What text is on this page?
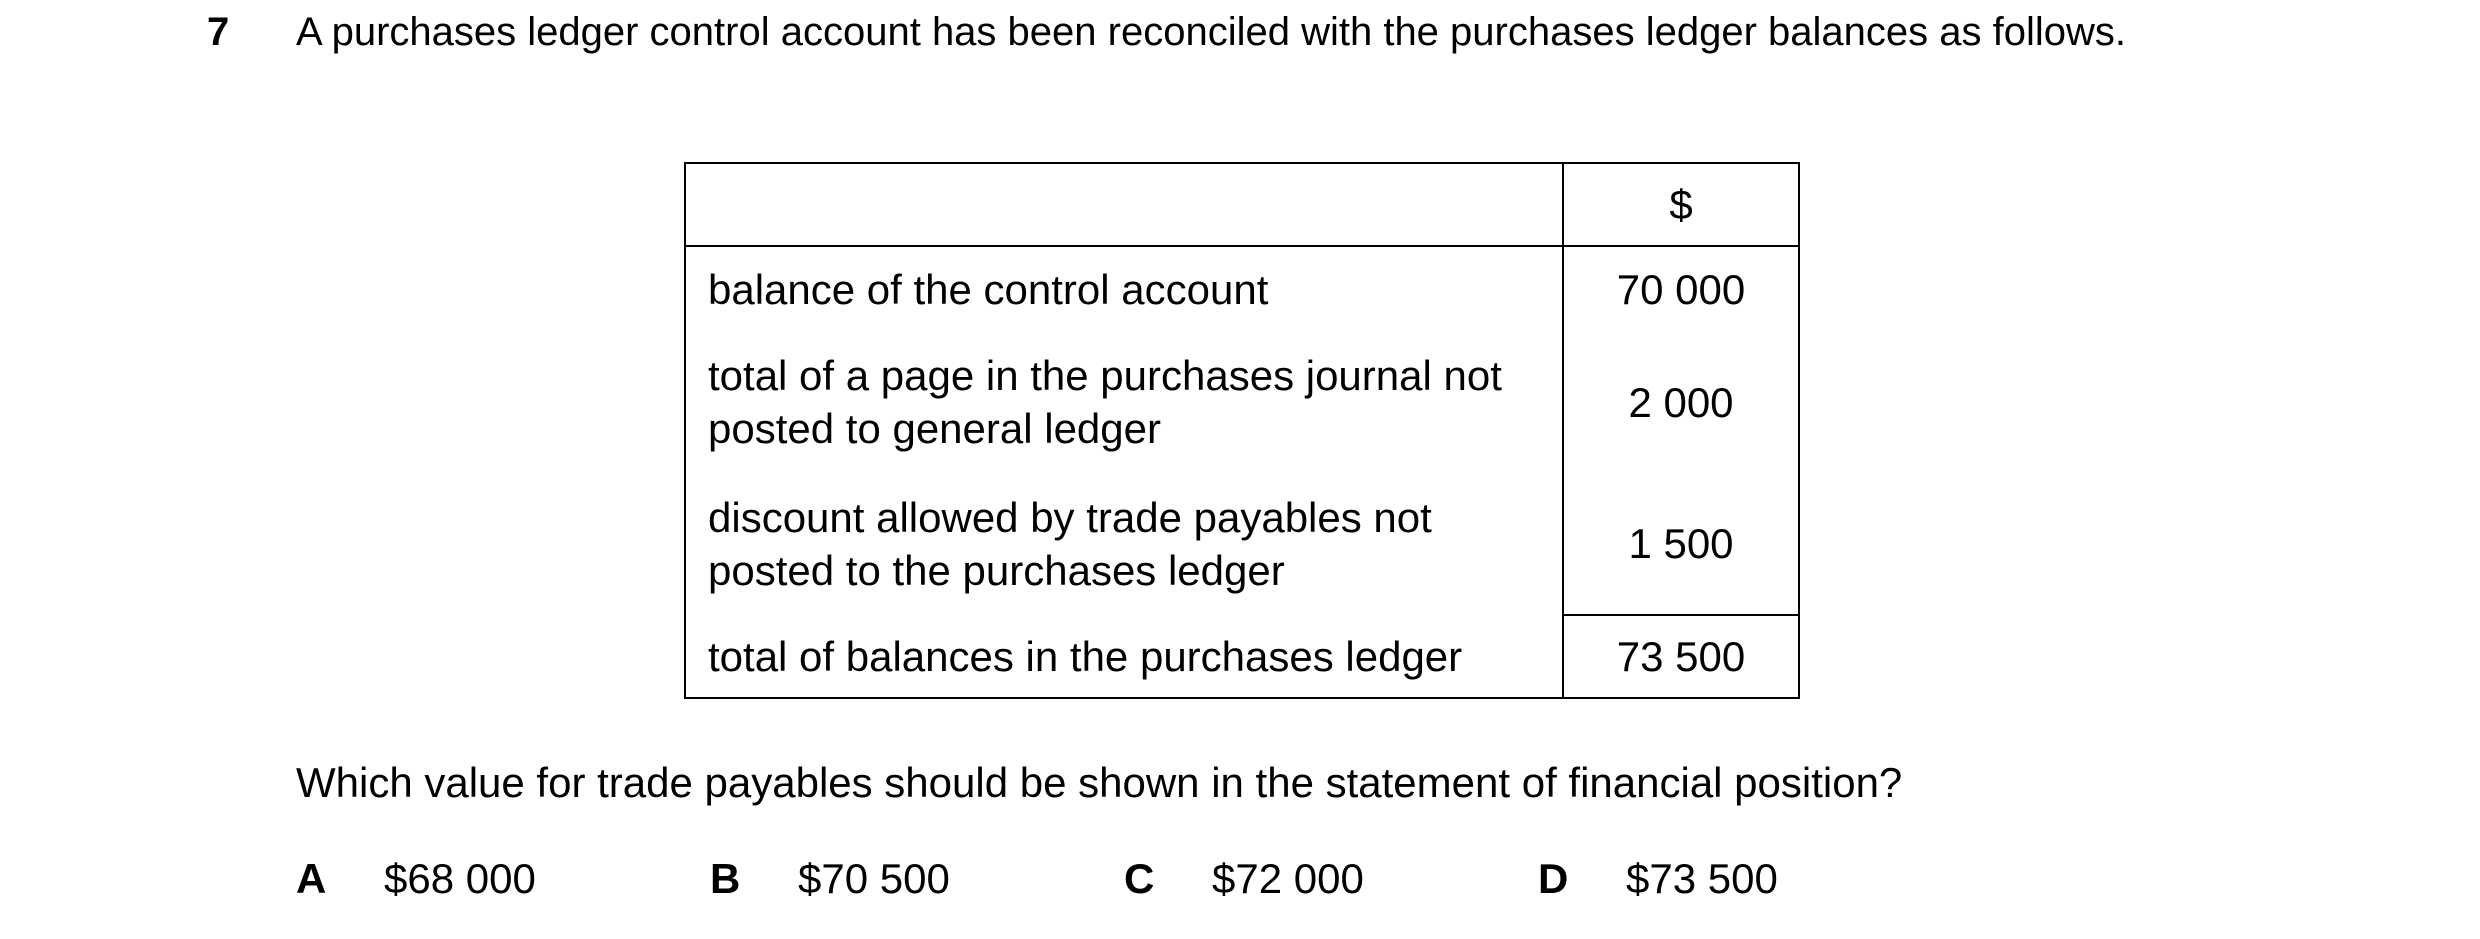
7 A purchases ledger control account has been reconciled with the purchases ledger balances as follows.
	$
balance of the control account	70 000
total of a page in the purchases journal not posted to general ledger	2 000
discount allowed by trade payables not posted to the purchases ledger	1 500
total of balances in the purchases ledger	73 500
Which value for trade payables should be shown in the statement of financial position?
A $68 000	B $70 500	C $72 000	D $73 500
